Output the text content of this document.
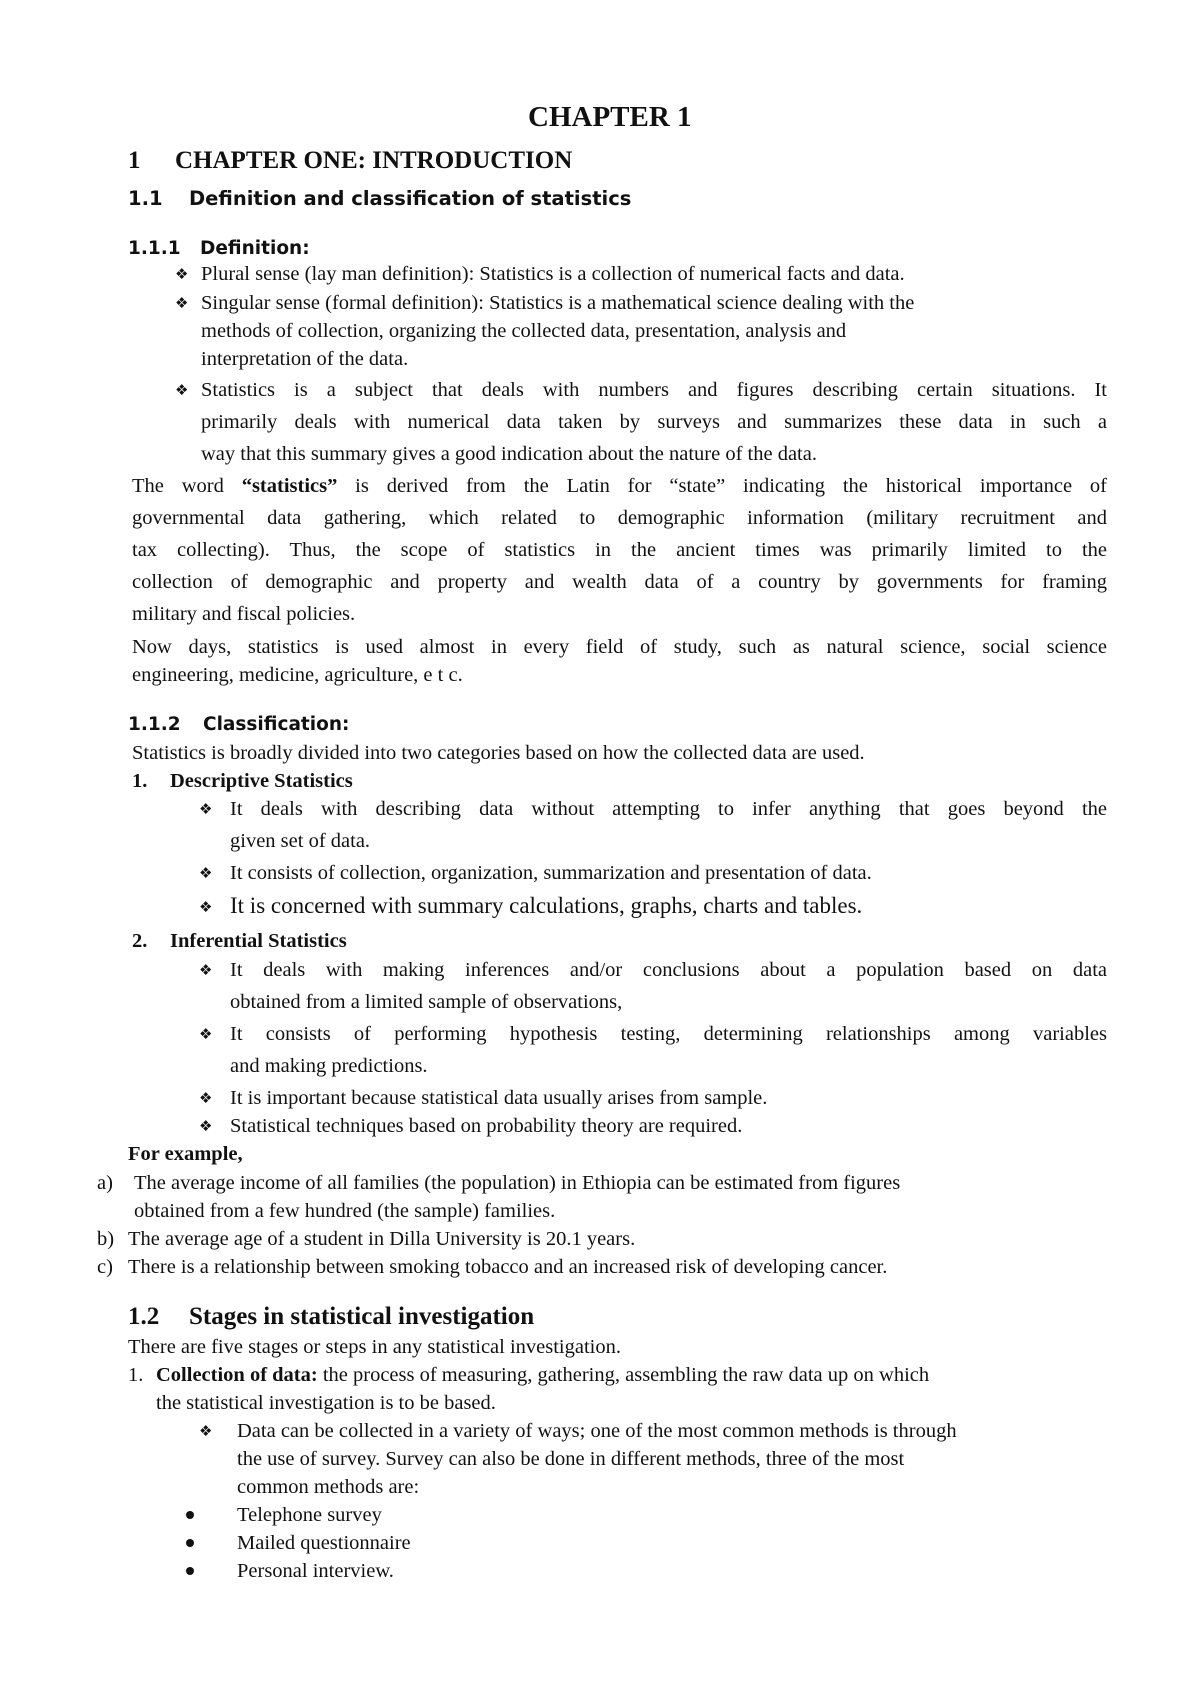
CHAPTER 1
1 CHAPTER ONE: INTRODUCTION
1.1 Definition and classification of statistics
1.1.1 Definition:
❖ Plural sense (lay man definition): Statistics is a collection of numerical facts and data.
❖ Singular sense (formal definition): Statistics is a mathematical science dealing with the
methods of collection, organizing the collected data, presentation, analysis and
interpretation of the data.
❖ Statistics is a subject that deals with numbers and figures describing certain situations. It
primarily deals with numerical data taken by surveys and summarizes these data in such a
way that this summary gives a good indication about the nature of the data.
The word “statistics” is derived from the Latin for “state” indicating the historical importance of
governmental data gathering, which related to demographic information (military recruitment and
tax collecting). Thus, the scope of statistics in the ancient times was primarily limited to the
collection of demographic and property and wealth data of a country by governments for framing
military and fiscal policies.
Now days, statistics is used almost in every field of study, such as natural science, social science
engineering, medicine, agriculture, e t c.
1.1.2 Classification:
Statistics is broadly divided into two categories based on how the collected data are used.
1. Descriptive Statistics
❖ It deals with describing data without attempting to infer anything that goes beyond the
given set of data.
❖ It consists of collection, organization, summarization and presentation of data.
❖ It is concerned with summary calculations, graphs, charts and tables.
2. Inferential Statistics
❖ It deals with making inferences and/or conclusions about a population based on data
obtained from a limited sample of observations,
❖ It consists of performing hypothesis testing, determining relationships among variables
and making predictions.
❖ It is important because statistical data usually arises from sample.
❖ Statistical techniques based on probability theory are required.
For example,
a) The average income of all families (the population) in Ethiopia can be estimated from figures
obtained from a few hundred (the sample) families.
b) The average age of a student in Dilla University is 20.1 years.
c) There is a relationship between smoking tobacco and an increased risk of developing cancer.
1.2 Stages in statistical investigation
There are five stages or steps in any statistical investigation.
1. Collection of data: the process of measuring, gathering, assembling the raw data up on which
the statistical investigation is to be based.
❖ Data can be collected in a variety of ways; one of the most common methods is through
the use of survey. Survey can also be done in different methods, three of the most
common methods are:
Telephone survey
Mailed questionnaire
Personal interview.
